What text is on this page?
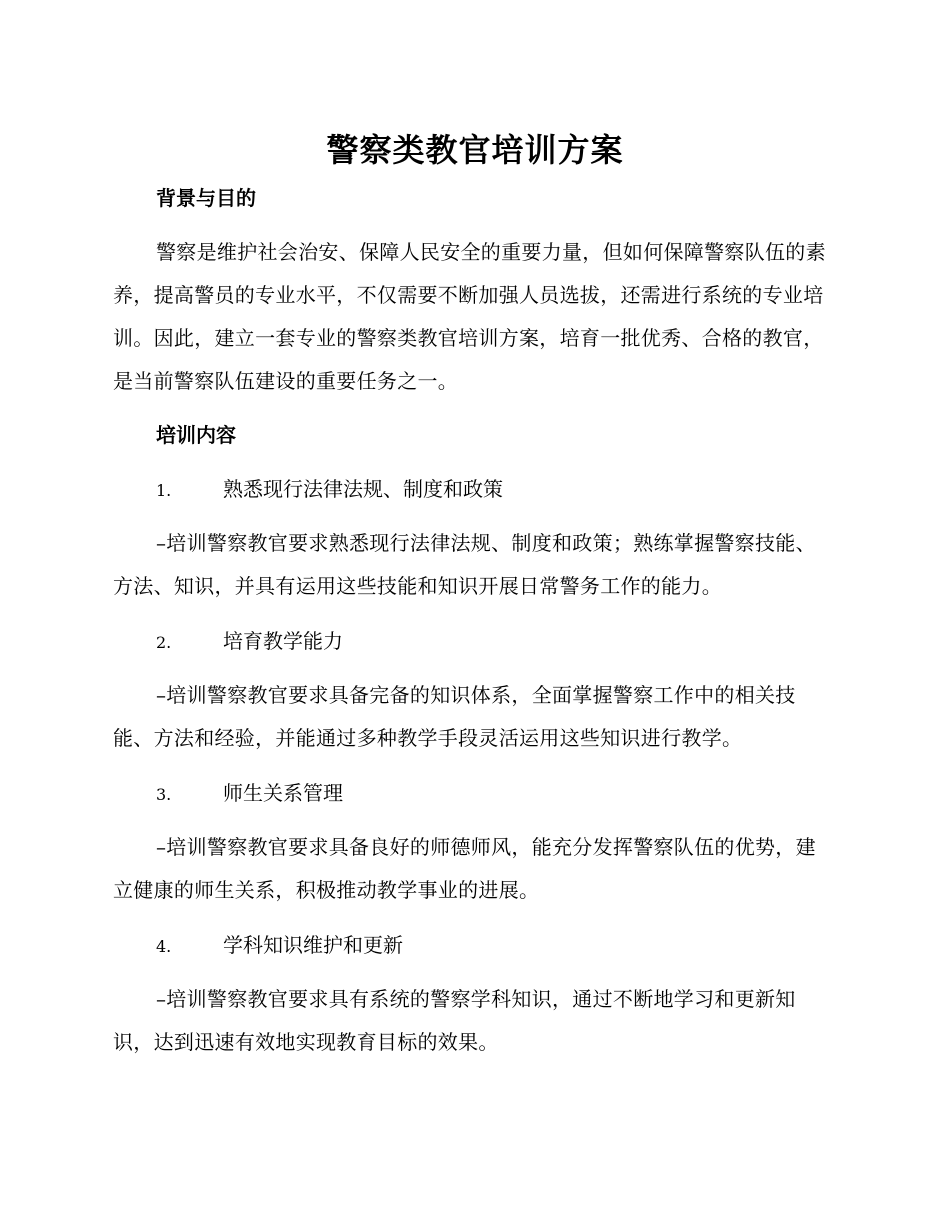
警察类教官培训方案
背景与目的

警察是维护社会治安、保障人民安全的重要力量，但如何保障警察队伍的素养，提高警员的专业水平，不仅需要不断加强人员选拔，还需进行系统的专业培训。因此，建立一套专业的警察类教官培训方案，培育一批优秀、合格的教官，是当前警察队伍建设的重要任务之一。

培训内容
1.	熟悉现行法律法规、制度和政策

–培训警察教官要求熟悉现行法律法规、制度和政策；熟练掌握警察技能、方法、知识，并具有运用这些技能和知识开展日常警务工作的能力。

2.	培育教学能力

–培训警察教官要求具备完备的知识体系，全面掌握警察工作中的相关技能、方法和经验，并能通过多种教学手段灵活运用这些知识进行教学。

3.	师生关系管理

–培训警察教官要求具备良好的师德师风，能充分发挥警察队伍的优势，建立健康的师生关系，积极推动教学事业的进展。

4.	学科知识维护和更新

–培训警察教官要求具有系统的警察学科知识，通过不断地学习和更新知识，达到迅速有效地实现教育目标的效果。
